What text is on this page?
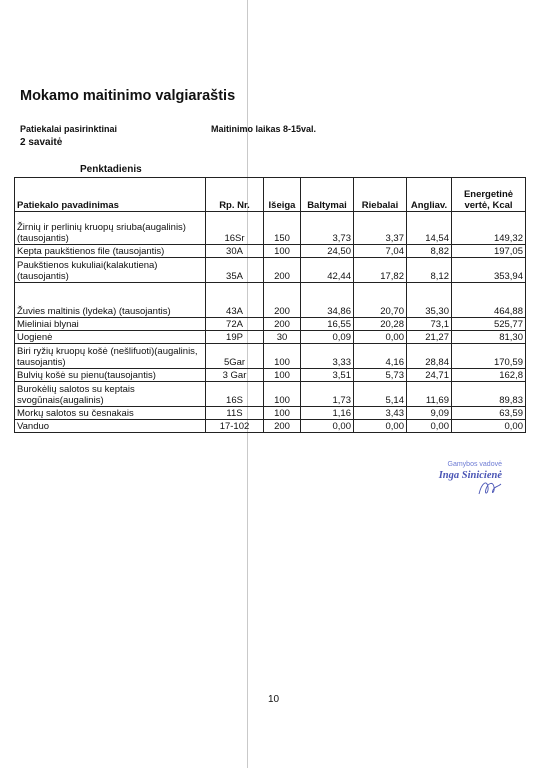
Mokamo maitinimo valgiaraštis
Patiekalai pasirinktinai
2 savaitė
Maitinimo laikas 8-15val.
Penktadienis
Patiekalo pavadinimas	Rp. Nr.	Išeiga	Baltymai	Riebalai	Angliav.	Energetinė vertė, Kcal
Žirnių ir perlinių kruopų sriuba(augalinis)(tausojantis)	16Sr	150	3,73	3,37	14,54	149,32
Kepta paukštienos file (tausojantis)	30A	100	24,50	7,04	8,82	197,05
Paukštienos kukuliai(kalakutiena)(tausojantis)	35A	200	42,44	17,82	8,12	353,94
Žuvies maltinis (lydeka) (tausojantis)	43A	200	34,86	20,70	35,30	464,88
Mieliniai blynai	72A	200	16,55	20,28	73,1	525,77
Uogienė	19P	30	0,09	0,00	21,27	81,30
Biri ryžių kruopų košė (nešlifuoti)(augalinis, tausojantis)	5Gar	100	3,33	4,16	28,84	170,59
Bulvių košė su pienu(tausojantis)	3 Gar	100	3,51	5,73	24,71	162,8
Burokėlių salotos su keptais svogūnais(augalinis)	16S	100	1,73	5,14	11,69	89,83
Morkų salotos su česnakais	11S	100	1,16	3,43	9,09	63,59
Vanduo	17-102	200	0,00	0,00	0,00	0,00
Gamybos vadovė
Inga Sinicienė
10
